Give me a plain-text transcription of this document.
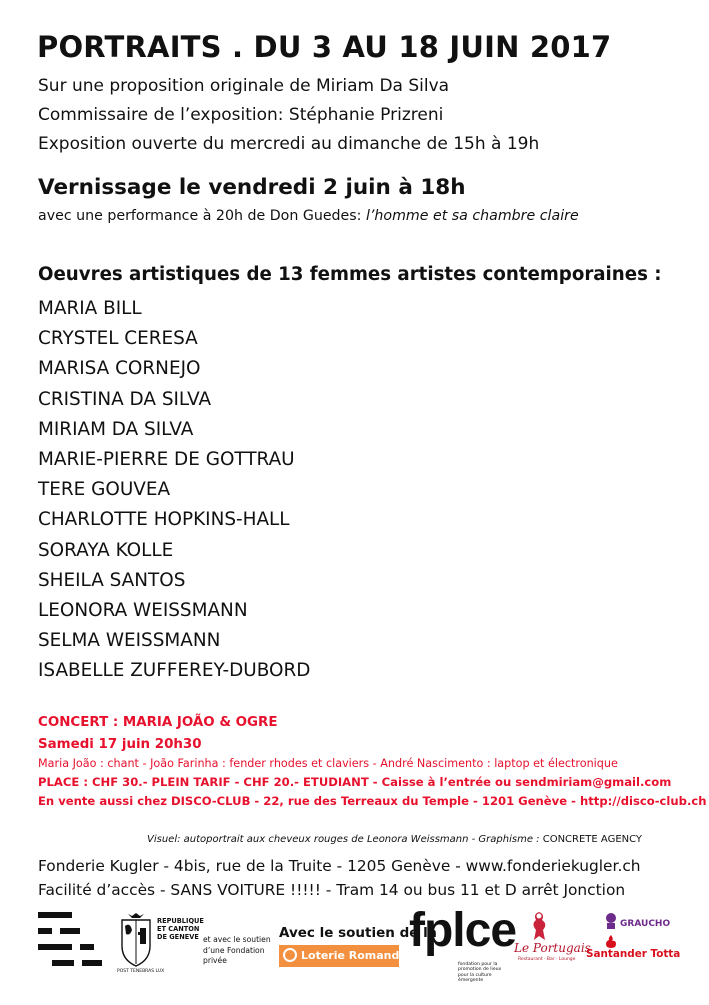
PORTRAITS . DU 3 AU 18 JUIN 2017
Sur une proposition originale de Miriam Da Silva
Commissaire de l’exposition: Stéphanie Prizreni
Exposition ouverte du mercredi au dimanche de 15h à 19h
Vernissage le vendredi 2 juin à 18h
avec une performance à 20h de Don Guedes: l’homme et sa chambre claire
Oeuvres artistiques de 13 femmes artistes contemporaines :
MARIA BILL
CRYSTEL CERESA
MARISA CORNEJO
CRISTINA DA SILVA
MIRIAM DA SILVA
MARIE-PIERRE DE GOTTRAU
TERE GOUVEA
CHARLOTTE HOPKINS-HALL
SORAYA KOLLE
SHEILA SANTOS
LEONORA WEISSMANN
SELMA WEISSMANN
ISABELLE ZUFFEREY-DUBORD
CONCERT : MARIA JOÃO & OGRE
Samedi 17 juin 20h30
Maria João : chant - João Farinha : fender rhodes et claviers - André Nascimento : laptop et électronique
PLACE : CHF 30.- PLEIN TARIF - CHF 20.- ETUDIANT - Caisse à l’entrée ou sendmiriam@gmail.com
En vente aussi chez DISCO-CLUB - 22, rue des Terreaux du Temple - 1201 Genève - http://disco-club.ch
Visuel: autoportrait aux cheveux rouges de Leonora Weissmann - Graphisme : CONCRETE AGENCY
Fonderie Kugler - 4bis, rue de la Truite - 1205 Genève - www.fonderiekugler.ch
Facilité d’accès - SANS VOITURE !!!!! - Tram 14 ou bus 11 et D arrêt Jonction
REPUBLIQUE ET CANTON DE GENEVE
POST TENEBRAS LUX
et avec le soutien d’une Fondation privée
Avec le soutien de la
Loterie Romande fplce
fondation pour la promotion de lieux pour la culture émergente
Le Portugais
Restaurant · Bar · Lounge
GRAUCHO
Santander Totta
